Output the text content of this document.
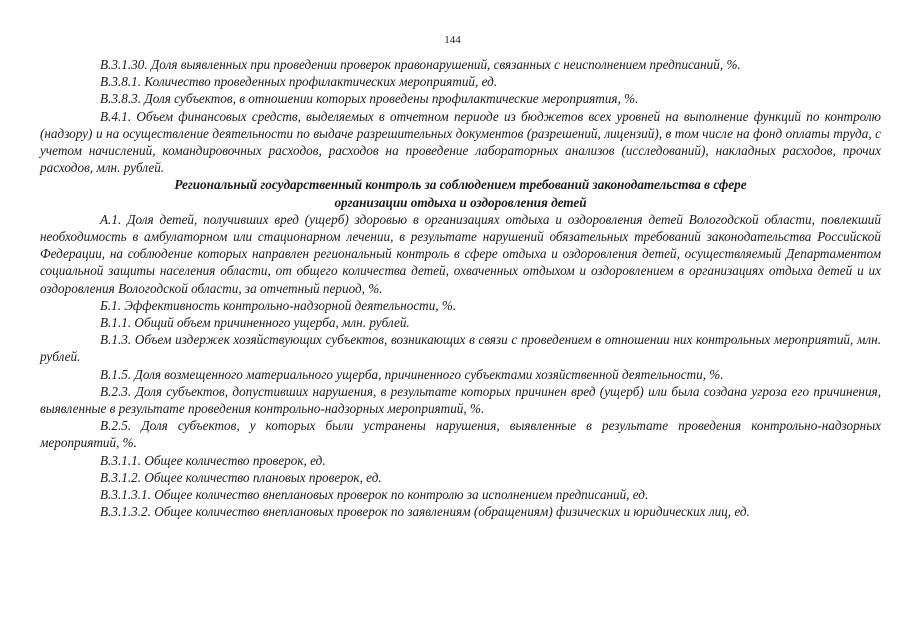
144

В.3.1.30. Доля выявленных при проведении проверок правонарушений, связанных с неисполнением предписаний, %.

В.3.8.1. Количество проведенных профилактических мероприятий, ед.

В.3.8.3. Доля субъектов, в отношении которых проведены профилактические мероприятия, %.

В.4.1. Объем финансовых средств, выделяемых в отчетном периоде из бюджетов всех уровней на выполнение функций по контролю (надзору) и на осуществление деятельности по выдаче разрешительных документов (разрешений, лицензий), в том числе на фонд оплаты труда, с учетом начислений, командировочных расходов, расходов на проведение лабораторных анализов (исследований), накладных расходов, прочих расходов, млн. рублей.

Региональный государственный контроль за соблюдением требований законодательства в сфере
организации отдыха и оздоровления детей

А.1. Доля детей, получивших вред (ущерб) здоровью в организациях отдыха и оздоровления детей Вологодской области, повлекший необходимость в амбулаторном или стационарном лечении, в результате нарушений обязательных требований законодательства Российской Федерации, на соблюдение которых направлен региональный контроль в сфере отдыха и оздоровления детей, осуществляемый Департаментом социальной защиты населения области, от общего количества детей, охваченных отдыхом и оздоровлением в организациях отдыха детей и их оздоровления Вологодской области, за отчетный период, %.

Б.1. Эффективность контрольно-надзорной деятельности, %.

В.1.1. Общий объем причиненного ущерба, млн. рублей.

В.1.3. Объем издержек хозяйствующих субъектов, возникающих в связи с проведением в отношении них контрольных мероприятий, млн. рублей.

В.1.5. Доля возмещенного материального ущерба, причиненного субъектами хозяйственной деятельности, %.

В.2.3. Доля субъектов, допустивших нарушения, в результате которых причинен вред (ущерб) или была создана угроза его причинения, выявленные в результате проведения контрольно-надзорных мероприятий, %.

В.2.5. Доля субъектов, у которых были устранены нарушения, выявленные в результате проведения контрольно-надзорных мероприятий, %.

В.3.1.1. Общее количество проверок, ед.

В.3.1.2. Общее количество плановых проверок, ед.

В.3.1.3.1. Общее количество внеплановых проверок по контролю за исполнением предписаний, ед.

В.3.1.3.2. Общее количество внеплановых проверок по заявлениям (обращениям) физических и юридических лиц, ед.
